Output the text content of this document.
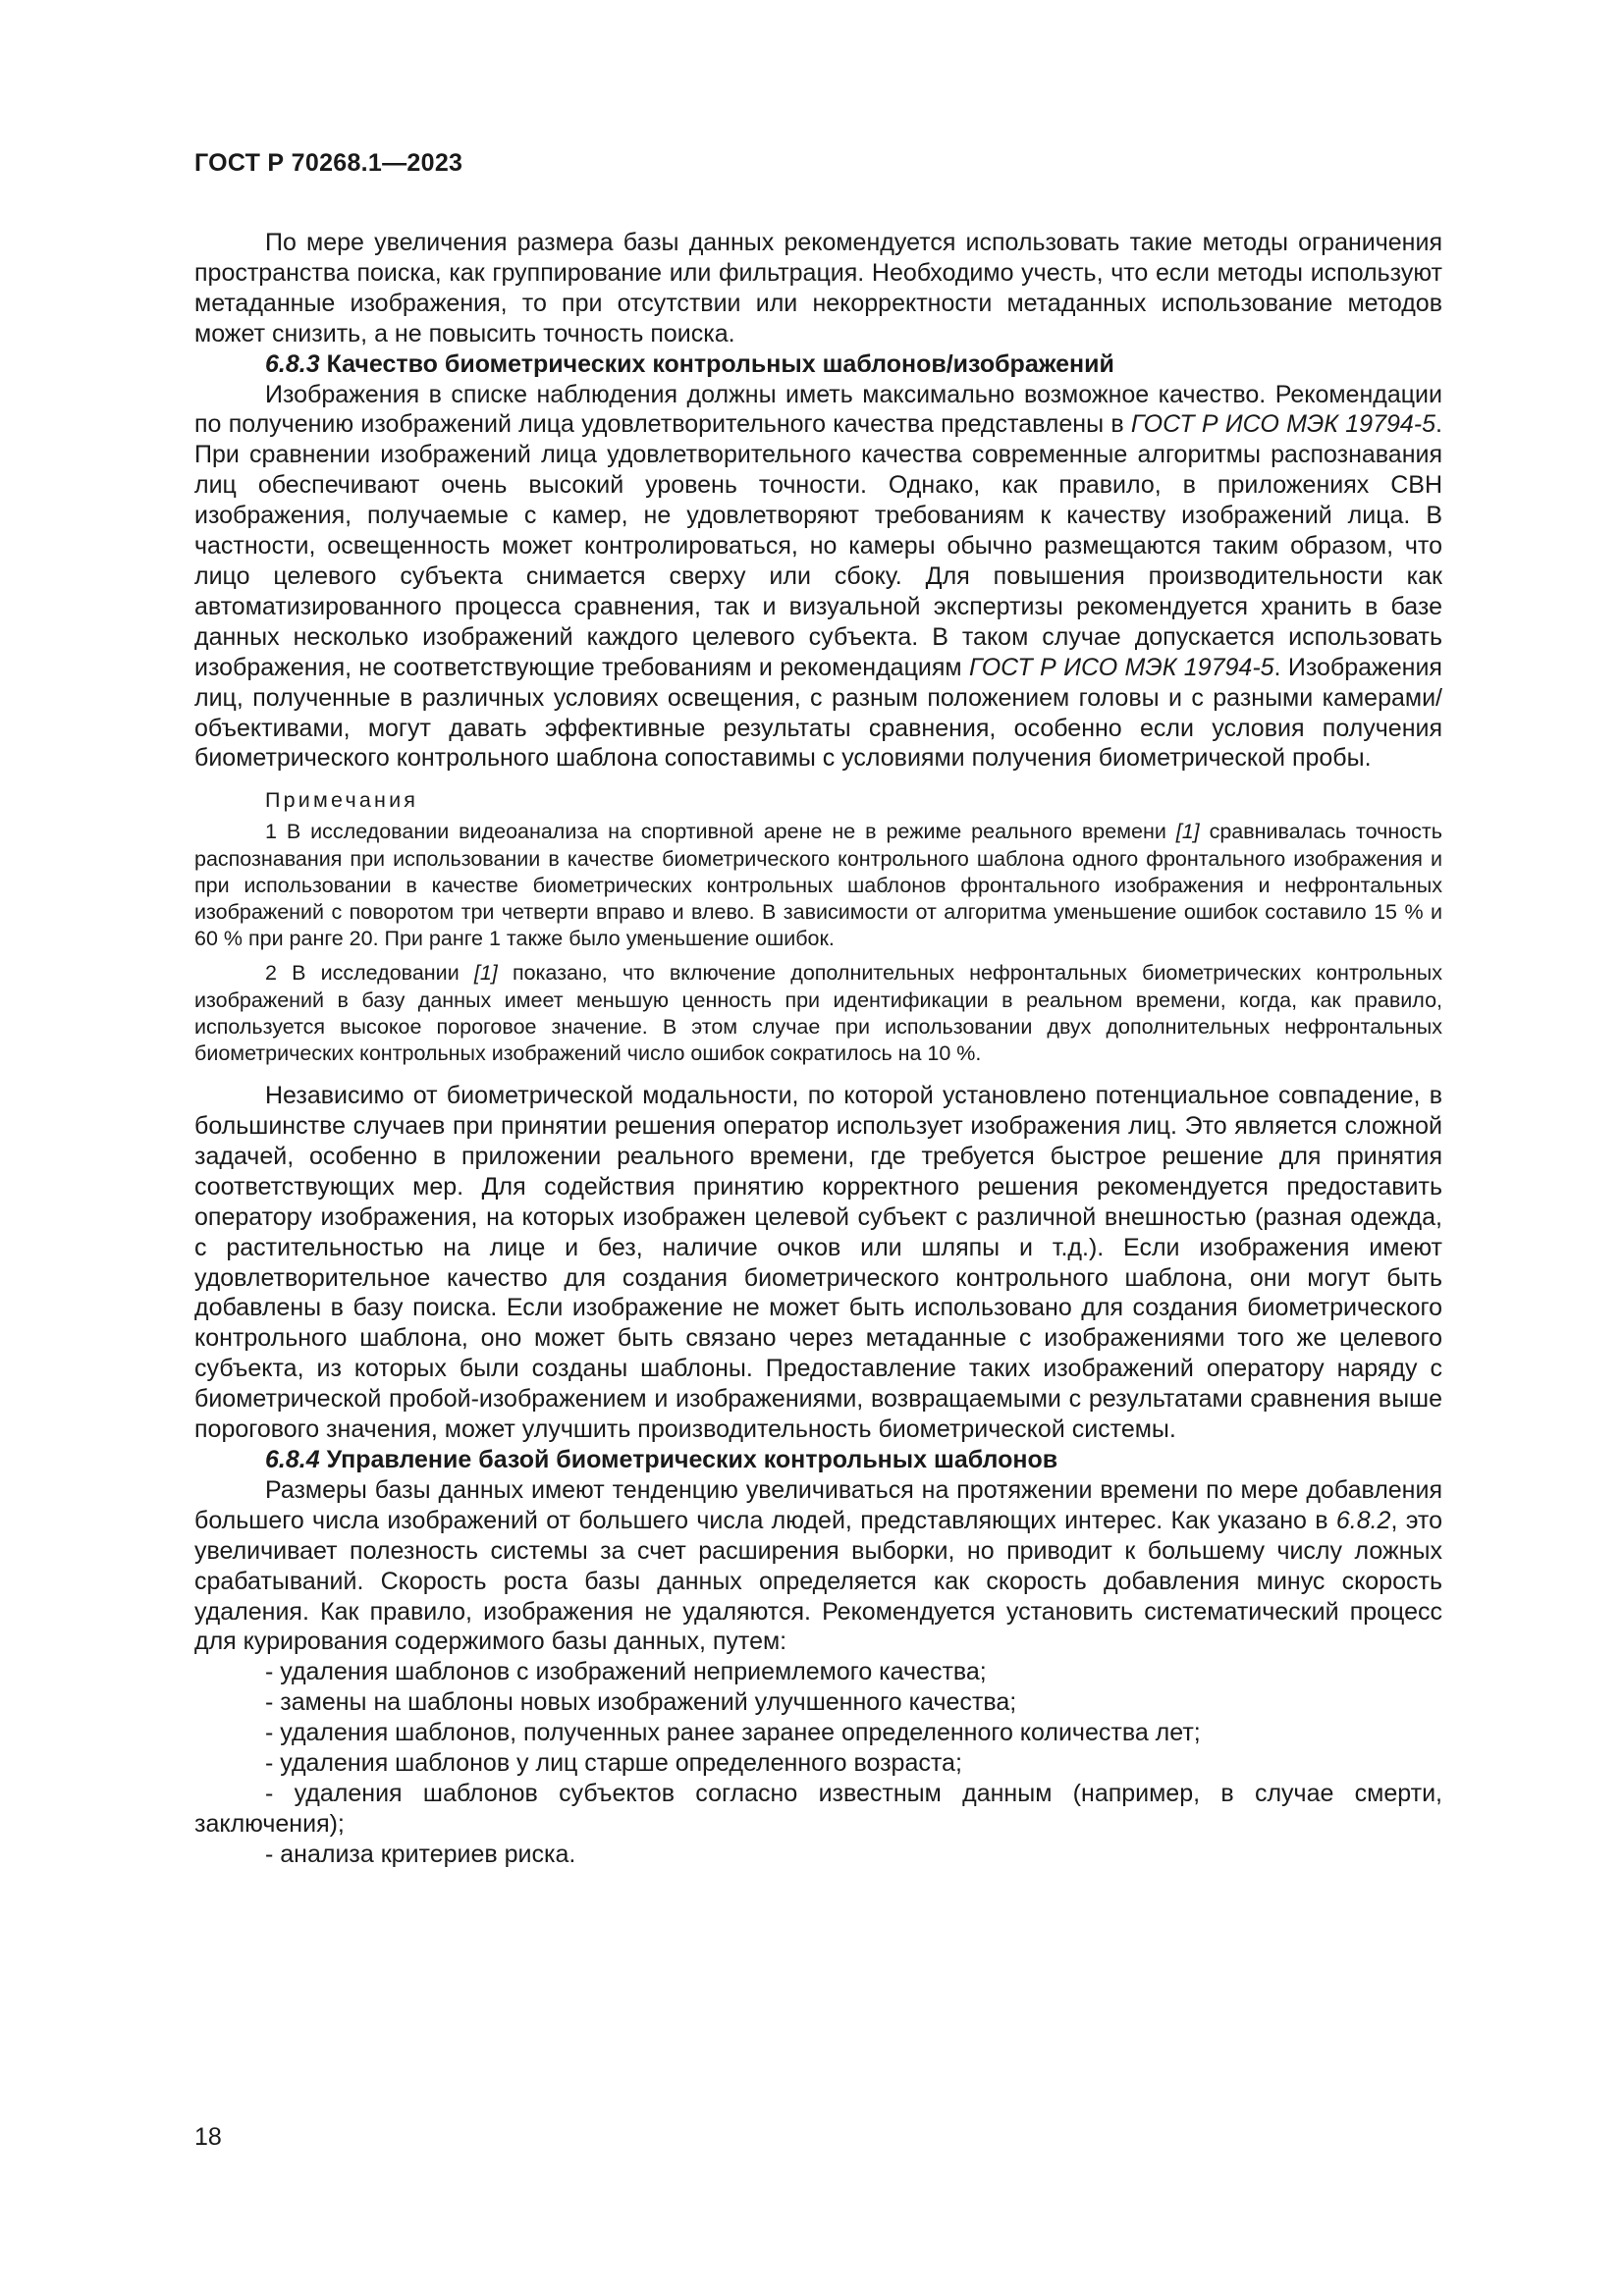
ГОСТ Р 70268.1—2023

По мере увеличения размера базы данных рекомендуется использовать такие методы ограничения пространства поиска, как группирование или фильтрация. Необходимо учесть, что если методы используют метаданные изображения, то при отсутствии или некорректности метаданных использование методов может снизить, а не повысить точность поиска.

6.8.3 Качество биометрических контрольных шаблонов/изображений

Изображения в списке наблюдения должны иметь максимально возможное качество. Рекомендации по получению изображений лица удовлетворительного качества представлены в ГОСТ Р ИСО МЭК 19794-5. При сравнении изображений лица удовлетворительного качества современные алгоритмы распознавания лиц обеспечивают очень высокий уровень точности. Однако, как правило, в приложениях СВН изображения, получаемые с камер, не удовлетворяют требованиям к качеству изображений лица. В частности, освещенность может контролироваться, но камеры обычно размещаются таким образом, что лицо целевого субъекта снимается сверху или сбоку. Для повышения производительности как автоматизированного процесса сравнения, так и визуальной экспертизы рекомендуется хранить в базе данных несколько изображений каждого целевого субъекта. В таком случае допускается использовать изображения, не соответствующие требованиям и рекомендациям ГОСТ Р ИСО МЭК 19794-5. Изображения лиц, полученные в различных условиях освещения, с разным положением головы и с разными камерами/объективами, могут давать эффективные результаты сравнения, особенно если условия получения биометрического контрольного шаблона сопоставимы с условиями получения биометрической пробы.

Примечания

1 В исследовании видеоанализа на спортивной арене не в режиме реального времени [1] сравнивалась точность распознавания при использовании в качестве биометрического контрольного шаблона одного фронтального изображения и при использовании в качестве биометрических контрольных шаблонов фронтального изображения и нефронтальных изображений с поворотом три четверти вправо и влево. В зависимости от алгоритма уменьшение ошибок составило 15 % и 60 % при ранге 20. При ранге 1 также было уменьшение ошибок.

2 В исследовании [1] показано, что включение дополнительных нефронтальных биометрических контрольных изображений в базу данных имеет меньшую ценность при идентификации в реальном времени, когда, как правило, используется высокое пороговое значение. В этом случае при использовании двух дополнительных нефронтальных биометрических контрольных изображений число ошибок сократилось на 10 %.

Независимо от биометрической модальности, по которой установлено потенциальное совпадение, в большинстве случаев при принятии решения оператор использует изображения лиц. Это является сложной задачей, особенно в приложении реального времени, где требуется быстрое решение для принятия соответствующих мер. Для содействия принятию корректного решения рекомендуется предоставить оператору изображения, на которых изображен целевой субъект с различной внешностью (разная одежда, с растительностью на лице и без, наличие очков или шляпы и т.д.). Если изображения имеют удовлетворительное качество для создания биометрического контрольного шаблона, они могут быть добавлены в базу поиска. Если изображение не может быть использовано для создания биометрического контрольного шаблона, оно может быть связано через метаданные с изображениями того же целевого субъекта, из которых были созданы шаблоны. Предоставление таких изображений оператору наряду с биометрической пробой-изображением и изображениями, возвращаемыми с результатами сравнения выше порогового значения, может улучшить производительность биометрической системы.

6.8.4 Управление базой биометрических контрольных шаблонов

Размеры базы данных имеют тенденцию увеличиваться на протяжении времени по мере добавления большего числа изображений от большего числа людей, представляющих интерес. Как указано в 6.8.2, это увеличивает полезность системы за счет расширения выборки, но приводит к большему числу ложных срабатываний. Скорость роста базы данных определяется как скорость добавления минус скорость удаления. Как правило, изображения не удаляются. Рекомендуется установить систематический процесс для курирования содержимого базы данных, путем:

- удаления шаблонов с изображений неприемлемого качества;

- замены на шаблоны новых изображений улучшенного качества;

- удаления шаблонов, полученных ранее заранее определенного количества лет;

- удаления шаблонов у лиц старше определенного возраста;

- удаления шаблонов субъектов согласно известным данным (например, в случае смерти, заключения);

- анализа критериев риска.

18
